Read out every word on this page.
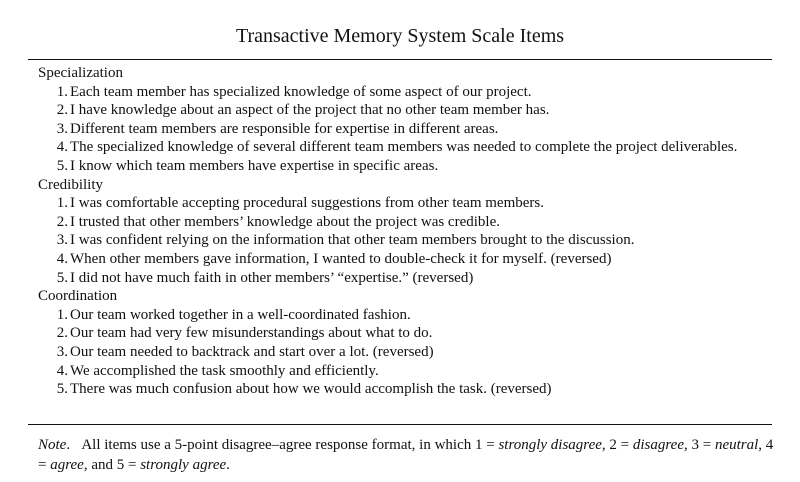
Transactive Memory System Scale Items
Specialization
1. Each team member has specialized knowledge of some aspect of our project.
2. I have knowledge about an aspect of the project that no other team member has.
3. Different team members are responsible for expertise in different areas.
4. The specialized knowledge of several different team members was needed to complete the project deliverables.
5. I know which team members have expertise in specific areas.
Credibility
1. I was comfortable accepting procedural suggestions from other team members.
2. I trusted that other members’ knowledge about the project was credible.
3. I was confident relying on the information that other team members brought to the discussion.
4. When other members gave information, I wanted to double-check it for myself. (reversed)
5. I did not have much faith in other members’ “expertise.” (reversed)
Coordination
1. Our team worked together in a well-coordinated fashion.
2. Our team had very few misunderstandings about what to do.
3. Our team needed to backtrack and start over a lot. (reversed)
4. We accomplished the task smoothly and efficiently.
5. There was much confusion about how we would accomplish the task. (reversed)
Note.   All items use a 5-point disagree–agree response format, in which 1 = strongly disagree, 2 = disagree, 3 = neutral, 4 = agree, and 5 = strongly agree.
